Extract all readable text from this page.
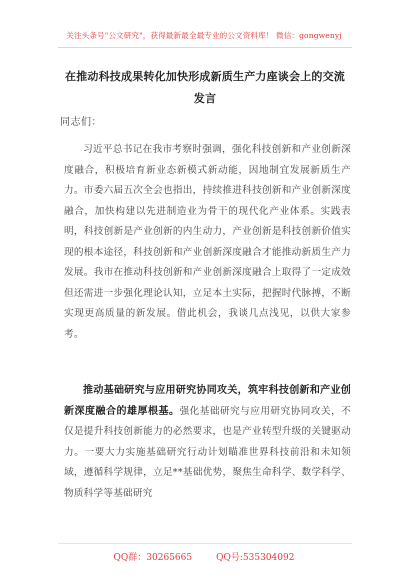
关注头条号"公文研究"，获得最新最全最专业的公文资料库！ 微信：gongwenyj
在推动科技成果转化加快形成新质生产力座谈会上的交流发言
同志们：
习近平总书记在我市考察时强调，强化科技创新和产业创新深度融合，积极培育新业态新模式新动能，因地制宜发展新质生产力。市委六届五次全会也指出，持续推进科技创新和产业创新深度融合，加快构建以先进制造业为骨干的现代化产业体系。实践表明，科技创新是产业创新的内生动力，产业创新是科技创新价值实现的根本途径，科技创新和产业创新深度融合才能推动新质生产力发展。我市在推动科技创新和产业创新深度融合上取得了一定成效但还需进一步强化理论认知，立足本土实际，把握时代脉搏，不断实现更高质量的新发展。借此机会，我谈几点浅见，以供大家参考。
推动基础研究与应用研究协同攻关，筑牢科技创新和产业创新深度融合的雄厚根基。强化基础研究与应用研究协同攻关，不仅是提升科技创新能力的必然要求，也是产业转型升级的关键驱动力。一要大力实施基础研究行动计划瞄准世界科技前沿和未知领域，遵循科学规律，立足**基础优势，聚焦生命科学、数学科学、物质科学等基础研究
QQ群：30265665	QQ号:535304092
